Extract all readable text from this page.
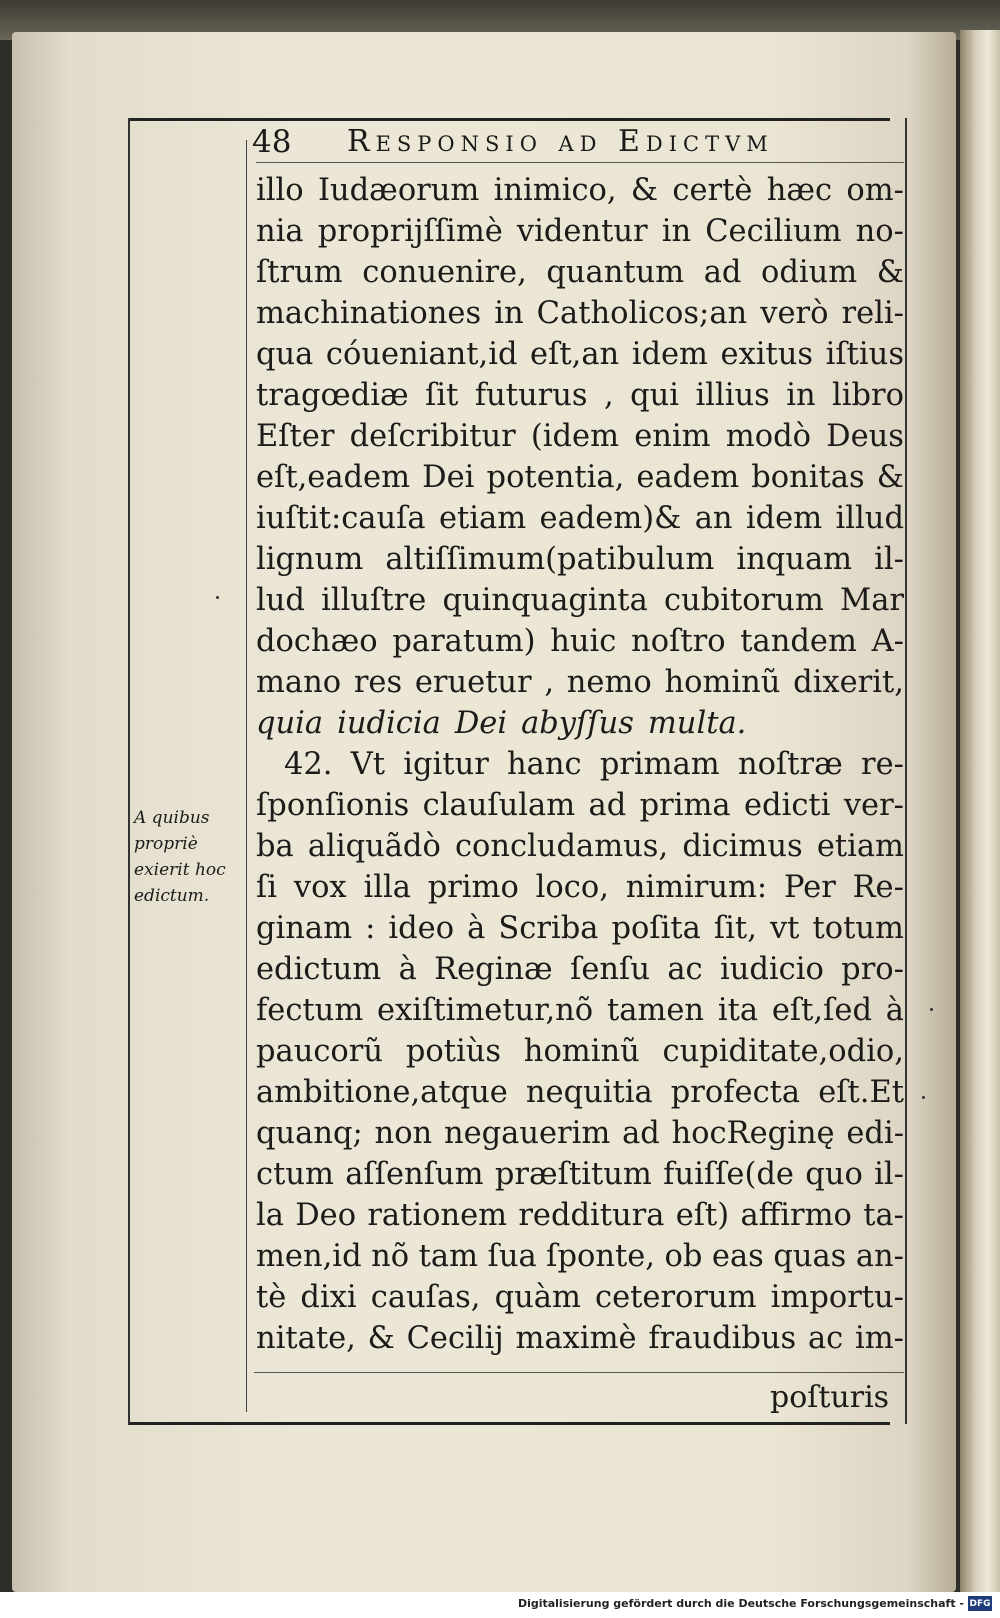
48 Responsio ad Edictvm
illo Iudæorum inimico, & certè hæc om-
nia proprijſſimè videntur in Cecilium no-
ſtrum conuenire, quantum ad odium &
machinationes in Catholicos;an verò reli-
qua cóueniant,id eſt,an idem exitus iſtius
tragœdiæ ſit futurus , qui illius in libro
Eſter deſcribitur (idem enim modò Deus
eſt,eadem Dei potentia, eadem bonitas &
iuſtit:cauſa etiam eadem)& an idem illud
lignum altiſſimum(patibulum inquam il-
lud illuſtre quinquaginta cubitorum Mar
dochæo paratum) huic noſtro tandem A-
mano res eruetur , nemo hominũ dixerit,
quia iudicia Dei abyſſus multa.
42. Vt igitur hanc primam noſtræ re-
ſponſionis clauſulam ad prima edicti ver-
ba aliquãdò concludamus, dicimus etiam
ſi vox illa primo loco, nimirum: Per Re-
ginam : ideo à Scriba poſita ſit, vt totum
edictum à Reginæ ſenſu ac iudicio pro-
fectum exiſtimetur,nõ tamen ita eſt,ſed à
paucorũ potiùs hominũ cupiditate,odio,
ambitione,atque nequitia profecta eſt.Et
quanq; non negauerim ad hocReginę edi-
ctum aſſenſum præſtitum fuiſſe(de quo il-
la Deo rationem redditura eſt) affirmo ta-
men,id nõ tam ſua ſponte, ob eas quas an-
tè dixi cauſas, quàm ceterorum importu-
nitate, & Cecilij maximè fraudibus ac im-
A quibus
propriè
exierit hoc
edictum.
poſturis
Digitalisierung gefördert durch die Deutsche Forschungsgemeinschaft - DFG
